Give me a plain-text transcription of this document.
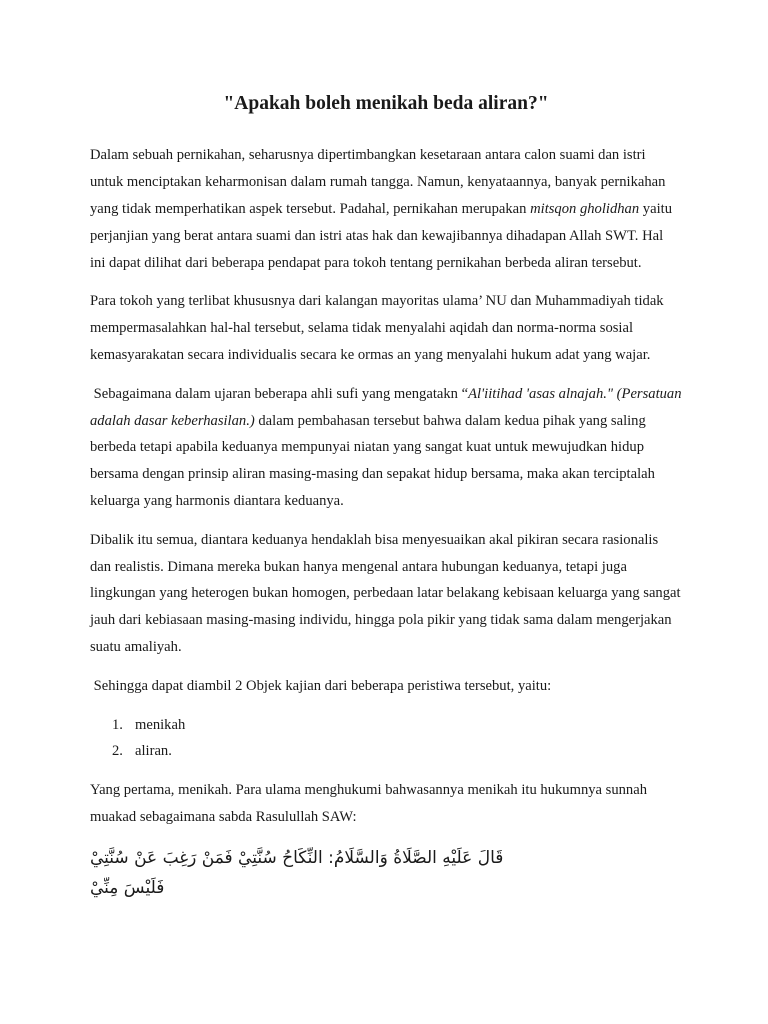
"Apakah boleh menikah beda aliran?"

Dalam sebuah pernikahan, seharusnya dipertimbangkan kesetaraan antara calon suami dan istri untuk menciptakan keharmonisan dalam rumah tangga. Namun, kenyataannya, banyak pernikahan yang tidak memperhatikan aspek tersebut. Padahal, pernikahan merupakan mitsqon gholidhan yaitu perjanjian yang berat antara suami dan istri atas hak dan kewajibannya dihadapan Allah SWT. Hal ini dapat dilihat dari beberapa pendapat para tokoh tentang pernikahan berbeda aliran tersebut.

Para tokoh yang terlibat khususnya dari kalangan mayoritas ulama’ NU dan Muhammadiyah tidak mempermasalahkan hal-hal tersebut, selama tidak menyalahi aqidah dan norma-norma sosial kemasyarakatan secara individualis secara ke ormas an yang menyalahi hukum adat yang wajar.

Sebagaimana dalam ujaran beberapa ahli sufi yang mengatakn “Al'iitihad 'asas alnajah." (Persatuan adalah dasar keberhasilan.) dalam pembahasan tersebut bahwa dalam kedua pihak yang saling berbeda tetapi apabila keduanya mempunyai niatan yang sangat kuat untuk mewujudkan hidup bersama dengan prinsip aliran masing-masing dan sepakat hidup bersama, maka akan terciptalah keluarga yang harmonis diantara keduanya.

Dibalik itu semua, diantara keduanya hendaklah bisa menyesuaikan akal pikiran secara rasionalis dan realistis. Dimana mereka bukan hanya mengenal antara hubungan keduanya, tetapi juga lingkungan yang heterogen bukan homogen, perbedaan latar belakang kebisaan keluarga yang sangat jauh dari kebiasaan masing-masing individu, hingga pola pikir yang tidak sama dalam mengerjakan suatu amaliyah.

Sehingga dapat diambil 2 Objek kajian dari beberapa peristiwa tersebut, yaitu:

1. menikah
2. aliran.

Yang pertama, menikah. Para ulama menghukumi bahwasannya menikah itu hukumnya sunnah muakad sebagaimana sabda Rasulullah SAW:

قَالَ عَلَيْهِ الصَّلَاةُ وَالسَّلَامُ: النِّكَاحُ سُنَّتِيْ فَمَنْ رَغِبَ عَنْ سُنَّتِيْ فَلَيْسَ مِنِّيْ
